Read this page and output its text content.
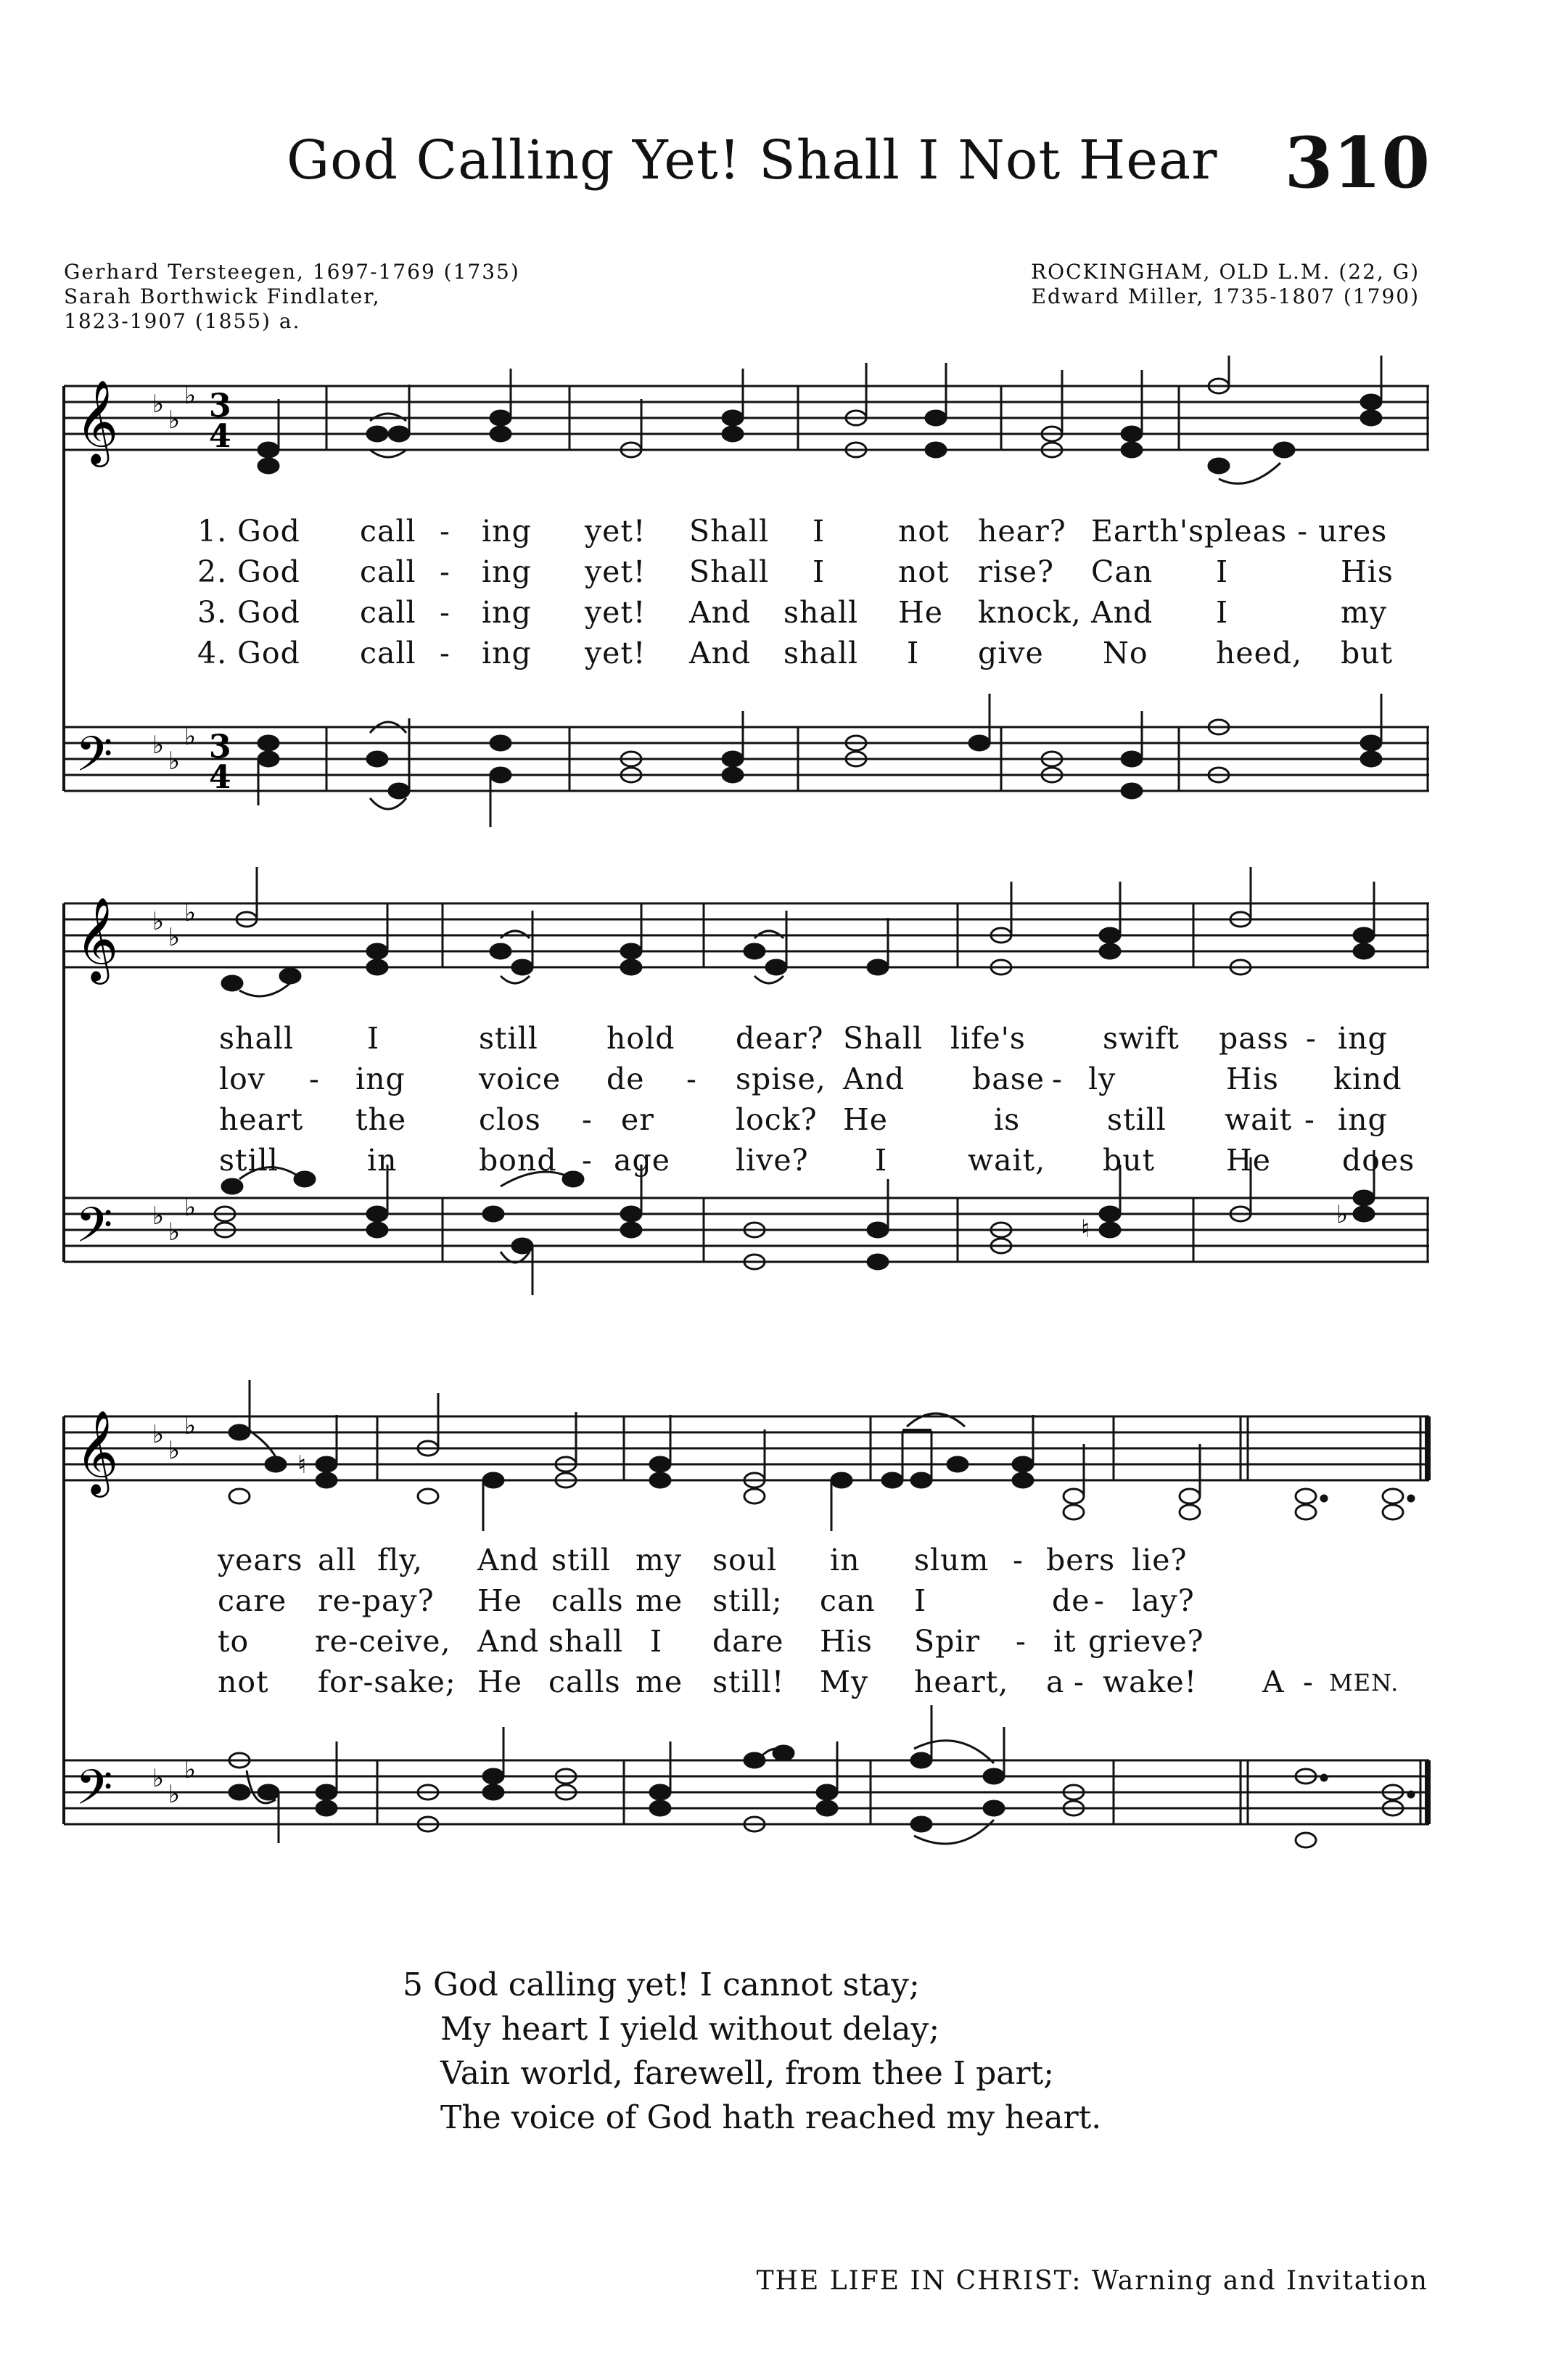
God Calling Yet! Shall I Not Hear 310
Gerhard Tersteegen, 1697-1769 (1735)
Sarah Borthwick Findlater,
1823-1907 (1855) a.
ROCKINGHAM, OLD L.M. (22, G)
Edward Miller, 1735-1807 (1790)
𝄞
𝄢
♭
♭
♭
♭
♭
♭
3
4
3
4
1. God call - ing yet! Shall I not hear? Earth's pleas - ures
2. God call - ing yet! Shall I not rise? Can I	His
3. God call - ing yet! And shall He knock, And I	my
4. God call - ing yet! And shall I give No heed, but
𝄞
𝄢
♭
♭
♭
♭
♭
♭
♮	♭
shall I	still hold dear? Shall life's	swift pass - ing
lov - ing voice de - spise, And base - ly	His kind
heart the clos - er	lock? He	is	still wait - ing
still	in	bond - age live? I	wait, but He does
𝄞
𝄢
♭
♭
♭
♭
♭
♭
♮
years all fly, And still my soul in slum - bers lie?
care re-pay? He calls me still; can I	de - lay?
to re-ceive, And shall I dare His Spir - it grieve?
not for-sake; He calls me still! My heart, a - wake! A - MEN.
5 God calling yet! I cannot stay;
My heart I yield without delay;
Vain world, farewell, from thee I part;
The voice of God hath reached my heart.
THE LIFE IN CHRIST: Warning and Invitation
